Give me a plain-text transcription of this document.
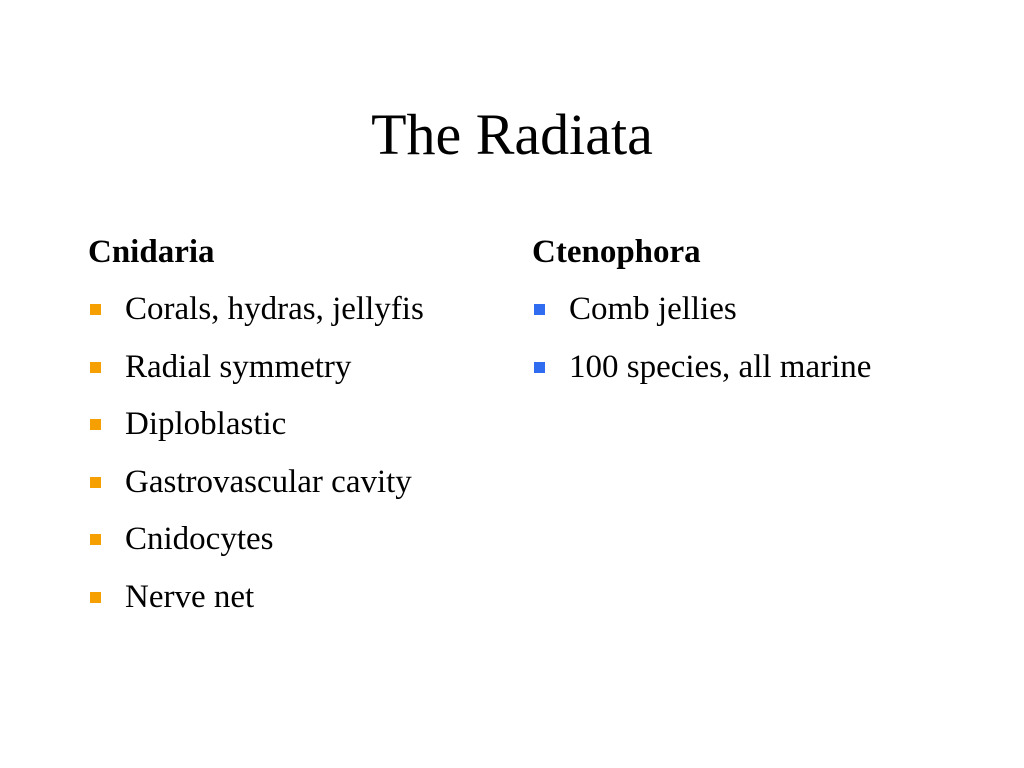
The Radiata
Cnidaria
Corals, hydras, jellyfis
Radial symmetry
Diploblastic
Gastrovascular cavity
Cnidocytes
Nerve net
Ctenophora
Comb jellies
100 species, all marine
